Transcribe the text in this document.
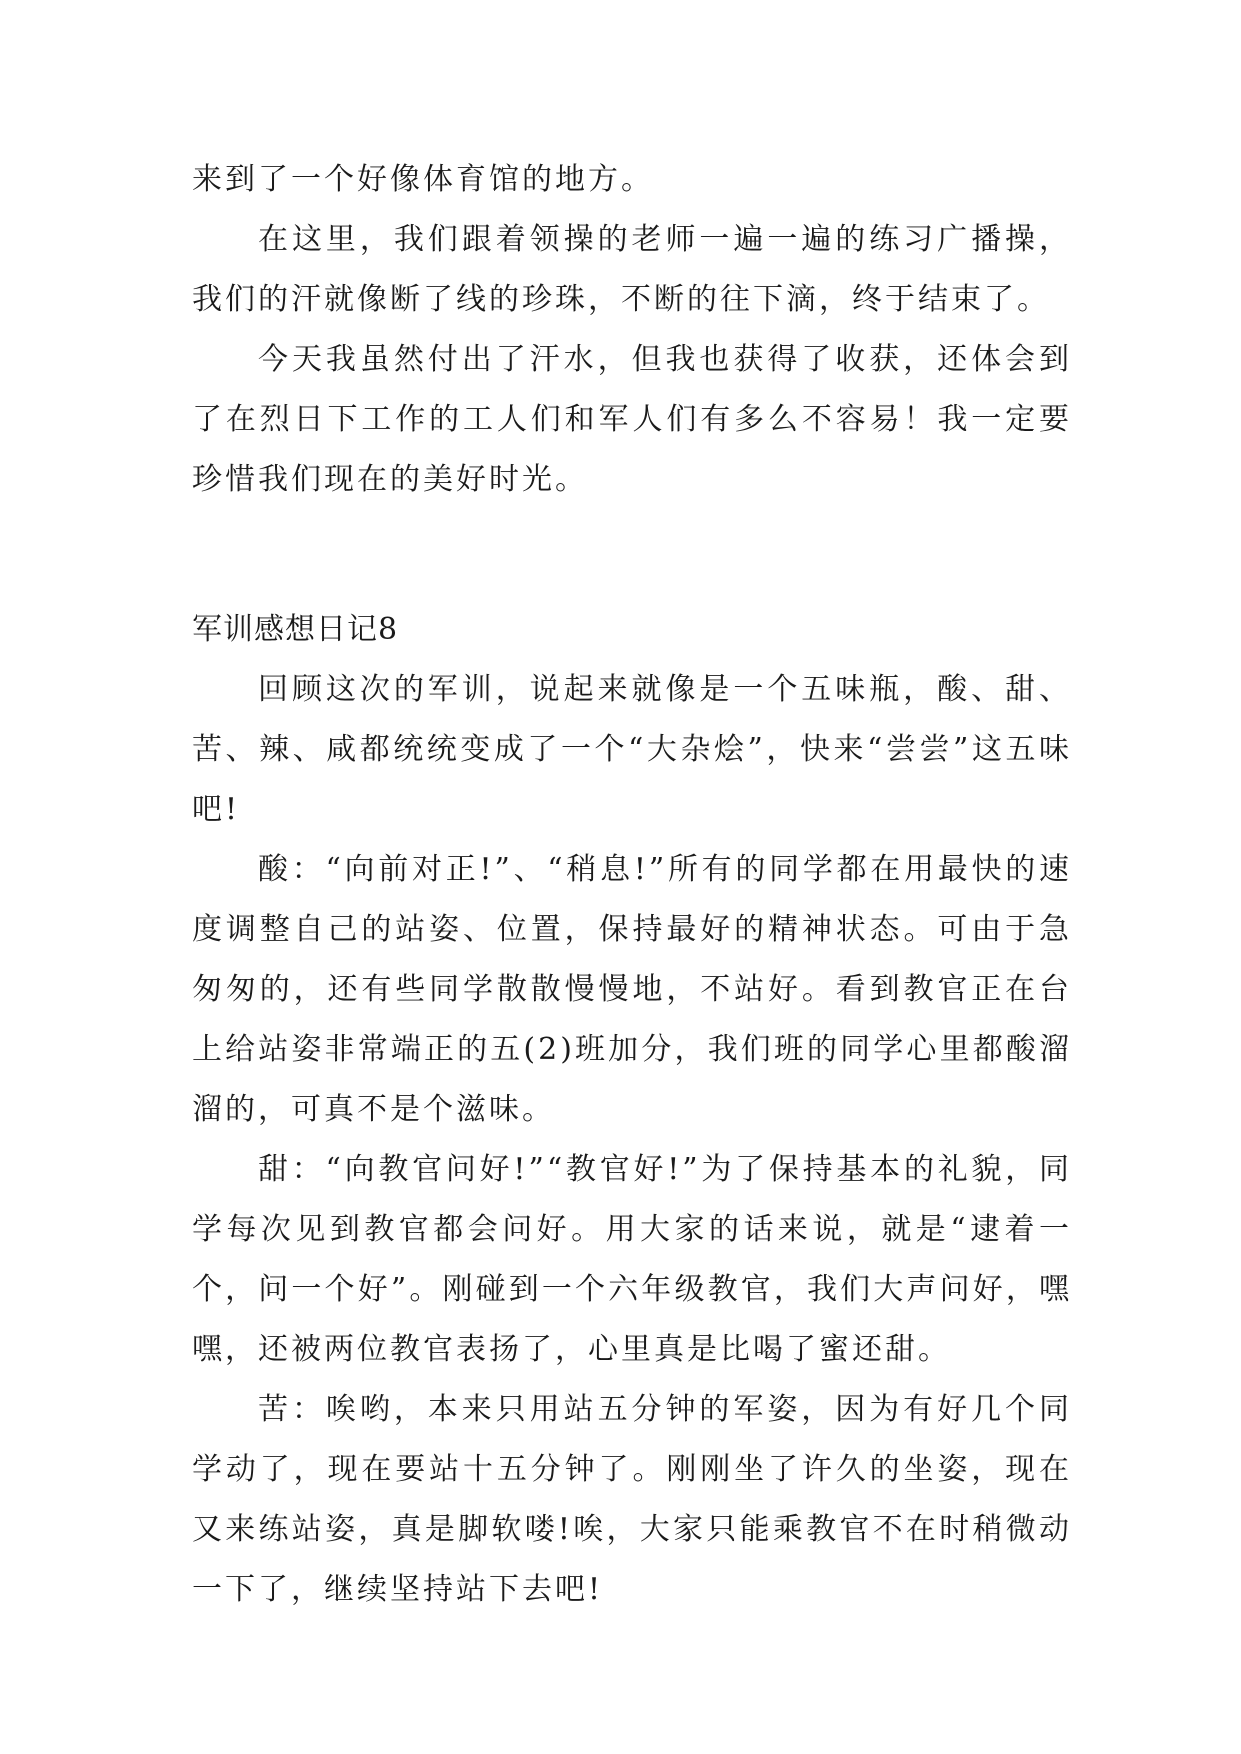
来到了一个好像体育馆的地方。

在这里，我们跟着领操的老师一遍一遍的练习广播操，我们的汗就像断了线的珍珠，不断的往下滴，终于结束了。

今天我虽然付出了汗水，但我也获得了收获，还体会到了在烈日下工作的工人们和军人们有多么不容易！我一定要珍惜我们现在的美好时光。

军训感想日记8

回顾这次的军训，说起来就像是一个五味瓶，酸、甜、苦、辣、咸都统统变成了一个“大杂烩”，快来“尝尝”这五味吧!

酸：“向前对正!”、“稍息!”所有的同学都在用最快的速度调整自己的站姿、位置，保持最好的精神状态。可由于急匆匆的，还有些同学散散慢慢地，不站好。看到教官正在台上给站姿非常端正的五(2)班加分，我们班的同学心里都酸溜溜的，可真不是个滋味。

甜：“向教官问好!”“教官好!”为了保持基本的礼貌，同学每次见到教官都会问好。用大家的话来说，就是“逮着一个，问一个好”。刚碰到一个六年级教官，我们大声问好，嘿嘿，还被两位教官表扬了，心里真是比喝了蜜还甜。

苦：唉哟，本来只用站五分钟的军姿，因为有好几个同学动了，现在要站十五分钟了。刚刚坐了许久的坐姿，现在又来练站姿，真是脚软喽!唉，大家只能乘教官不在时稍微动一下了，继续坚持站下去吧!
